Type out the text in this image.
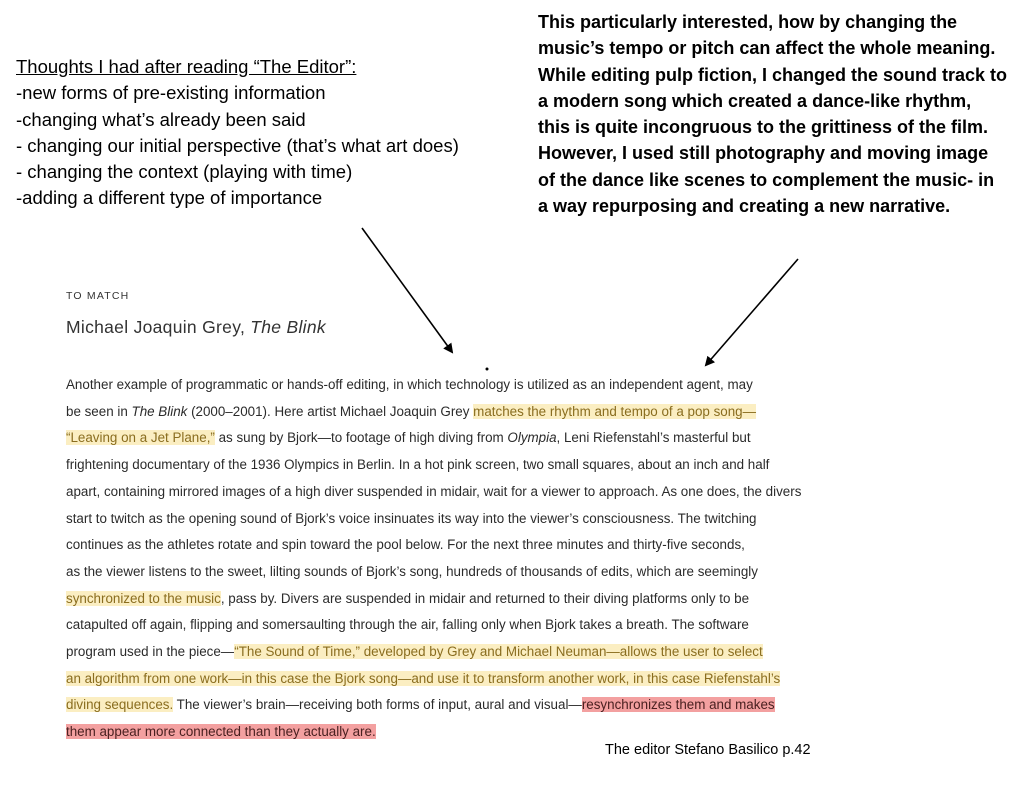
Thoughts I had after reading “The Editor”:
-new forms of pre-existing information
-changing what’s already been said
- changing our initial perspective (that’s what art does)
- changing the context (playing with time)
-adding a different type of importance
This particularly interested, how by changing the music’s tempo or pitch can affect the whole meaning. While editing pulp fiction, I changed the sound track to a modern song which created a dance-like rhythm, this is quite incongruous to the grittiness of the film.
However, I used still photography and moving image of the dance like scenes to complement the music- in a way repurposing and creating a new narrative.
TO MATCH
Michael Joaquin Grey, The Blink
Another example of programmatic or hands-off editing, in which technology is utilized as an independent agent, may
be seen in The Blink (2000–2001). Here artist Michael Joaquin Grey matches the rhythm and tempo of a pop song—
“Leaving on a Jet Plane,” as sung by Bjork—to footage of high diving from Olympia, Leni Riefenstahl’s masterful but
frightening documentary of the 1936 Olympics in Berlin. In a hot pink screen, two small squares, about an inch and half
apart, containing mirrored images of a high diver suspended in midair, wait for a viewer to approach. As one does, the divers
start to twitch as the opening sound of Bjork’s voice insinuates its way into the viewer’s consciousness. The twitching
continues as the athletes rotate and spin toward the pool below. For the next three minutes and thirty-five seconds,
as the viewer listens to the sweet, lilting sounds of Bjork’s song, hundreds of thousands of edits, which are seemingly
synchronized to the music, pass by. Divers are suspended in midair and returned to their diving platforms only to be
catapulted off again, flipping and somersaulting through the air, falling only when Bjork takes a breath. The software
program used in the piece—“The Sound of Time,” developed by Grey and Michael Neuman—allows the user to select
an algorithm from one work—in this case the Bjork song—and use it to transform another work, in this case Riefenstahl’s
diving sequences. The viewer’s brain—receiving both forms of input, aural and visual—resynchronizes them and makes
them appear more connected than they actually are.
The editor Stefano Basilico p.42
